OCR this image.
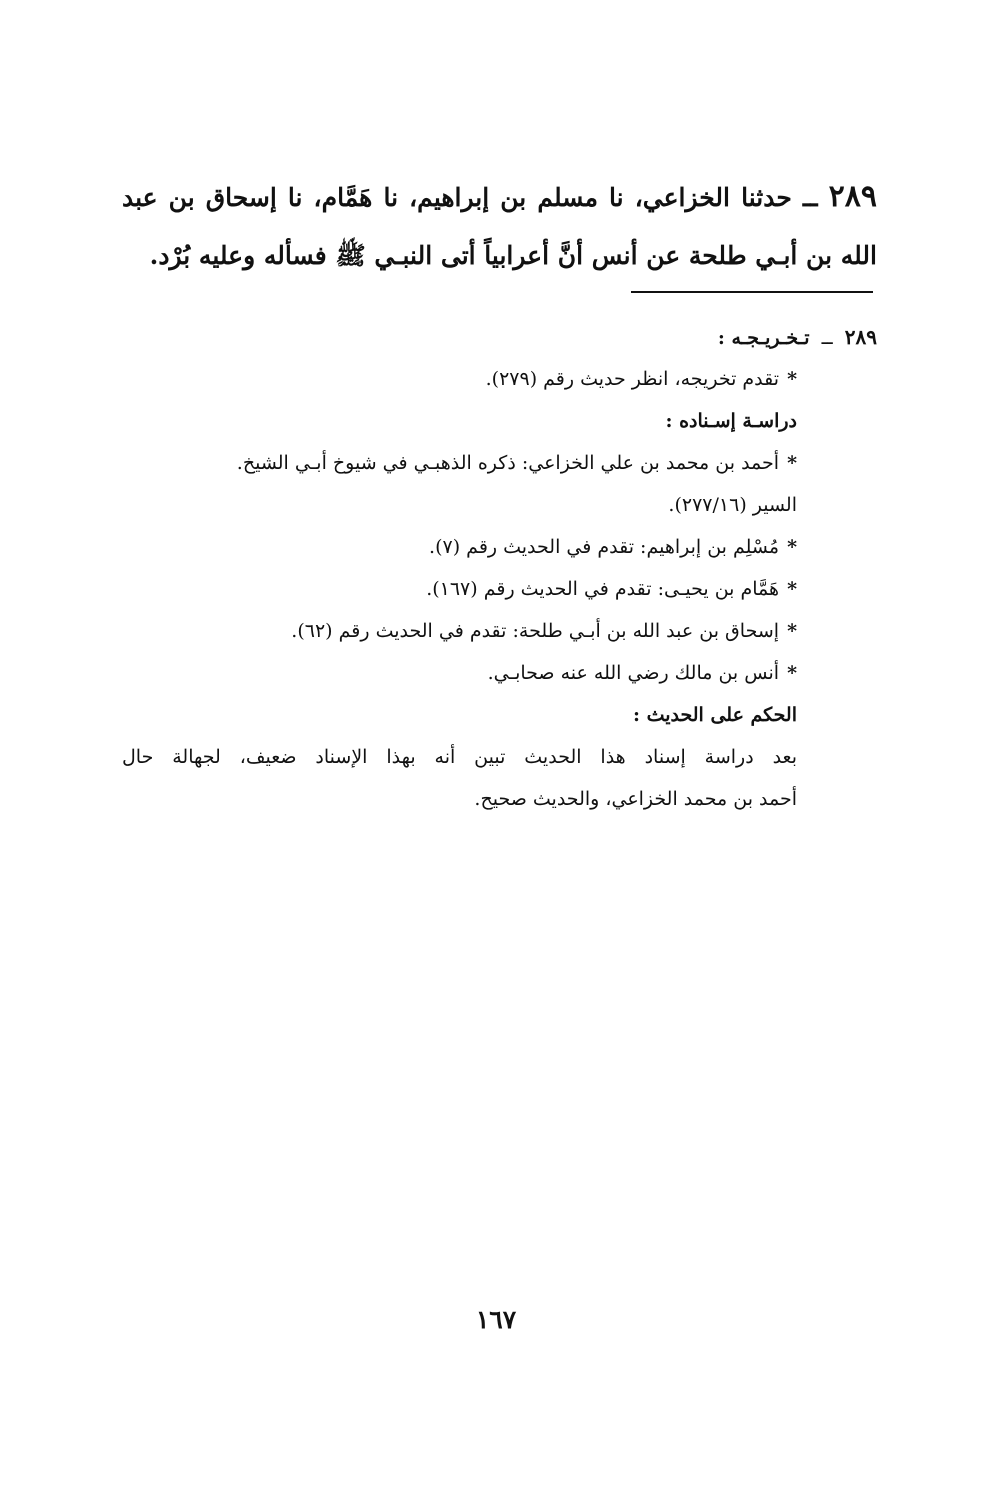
٢٨٩ ــ حدثنا الخزاعي، نا مسلم بن إبراهيم، نا هَمَّام، نا إسحاق بن عبد الله بن أبـي طلحة عن أنس أنَّ أعرابياً أتى النبـي ﷺ فسأله وعليه بُرْد.
٢٨٩ ــ تـخـريـجـه :
*تقدم تخريجه، انظر حديث رقم (٢٧٩).
دراسـة إسـناده :
*أحمد بن محمد بن علي الخزاعي: ذكره الذهبـي في شيوخ أبـي الشيخ.
السير (٢٧٧/١٦).
*مُسْلِم بن إبراهيم: تقدم في الحديث رقم (٧).
*هَمَّام بن يحيـى: تقدم في الحديث رقم (١٦٧).
*إسحاق بن عبد الله بن أبـي طلحة: تقدم في الحديث رقم (٦٢).
*أنس بن مالك رضي الله عنه صحابـي.
الحكم على الحديث :
بعد دراسة إسناد هذا الحديث تبين أنه بهذا الإسناد ضعيف، لجهالة حال
أحمد بن محمد الخزاعي، والحديث صحيح.
١٦٧
